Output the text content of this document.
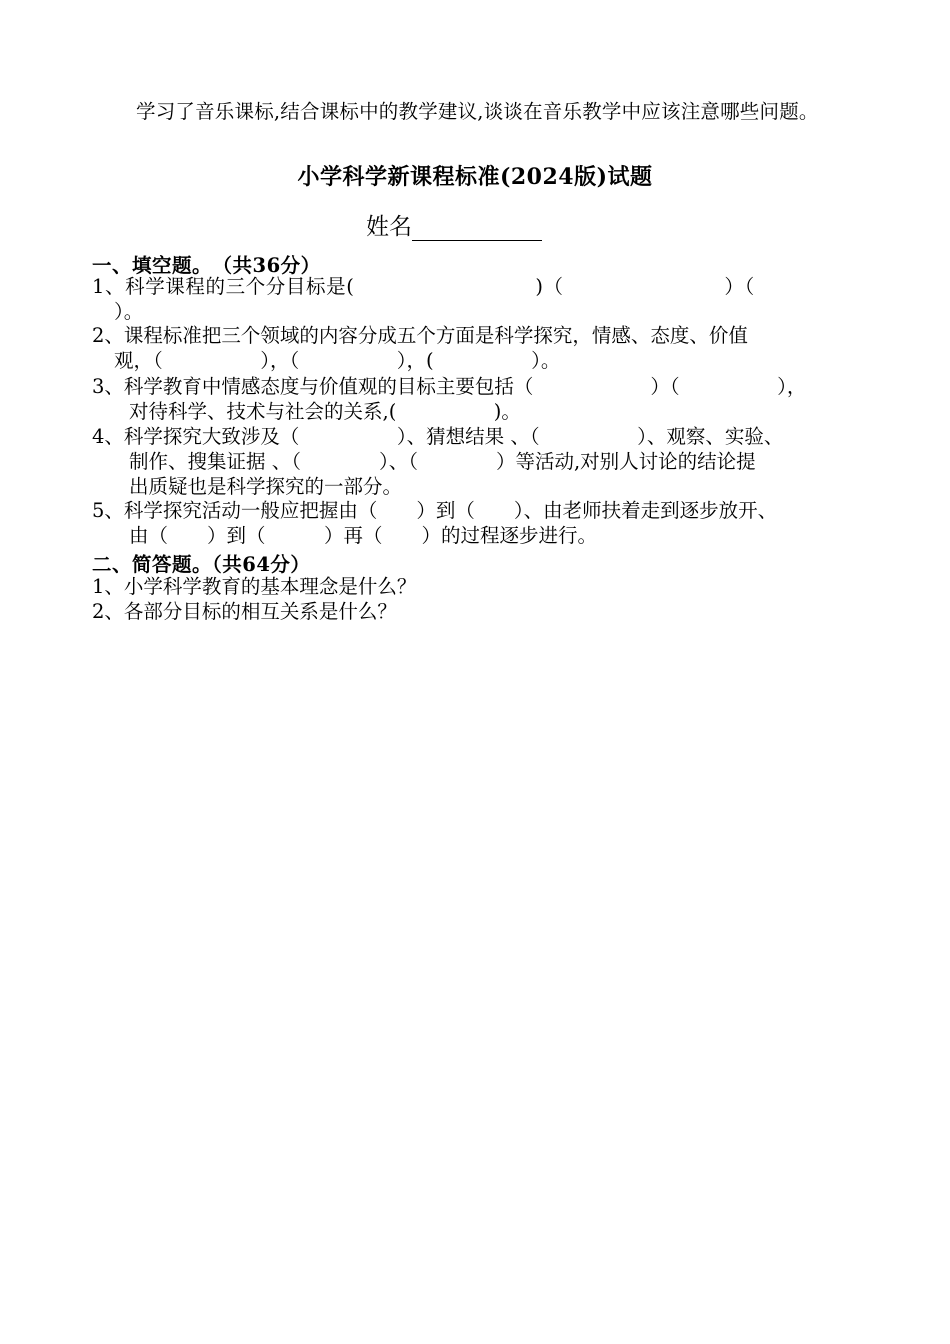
学习了音乐课标,结合课标中的教学建议,谈谈在音乐教学中应该注意哪些问题。
小学科学新课程标准(2024版)试题
姓名
一、填空题。　（共36分）
1、科学课程的三个分目标是(　　　　　　　　　)（　　　　　　　　）（
）。
2、课程标准把三个领域的内容分成五个方面是科学探究，情感、态度、价值
观，（　　　　　），（　　　　　），(　　　　　）。
3、科学教育中情感态度与价值观的目标主要包括（　　　　　　）（　　　　　），
对待科学、技术与社会的关系,(　　　　　)。
4、科学探究大致涉及（　　　　　）、猜想结果 、（　　　　　）、观察、实验、
制作、搜集证据 、（　　　　）、（　　　　）等活动,对别人讨论的结论提
出质疑也是科学探究的一部分。
5、科学探究活动一般应把握由（　　）到（　　）、由老师扶着走到逐步放开、
由（　　）到（　　　）再（　　）的过程逐步进行。
二、简答题。（共64分）
1、小学科学教育的基本理念是什么？
2、各部分目标的相互关系是什么？
